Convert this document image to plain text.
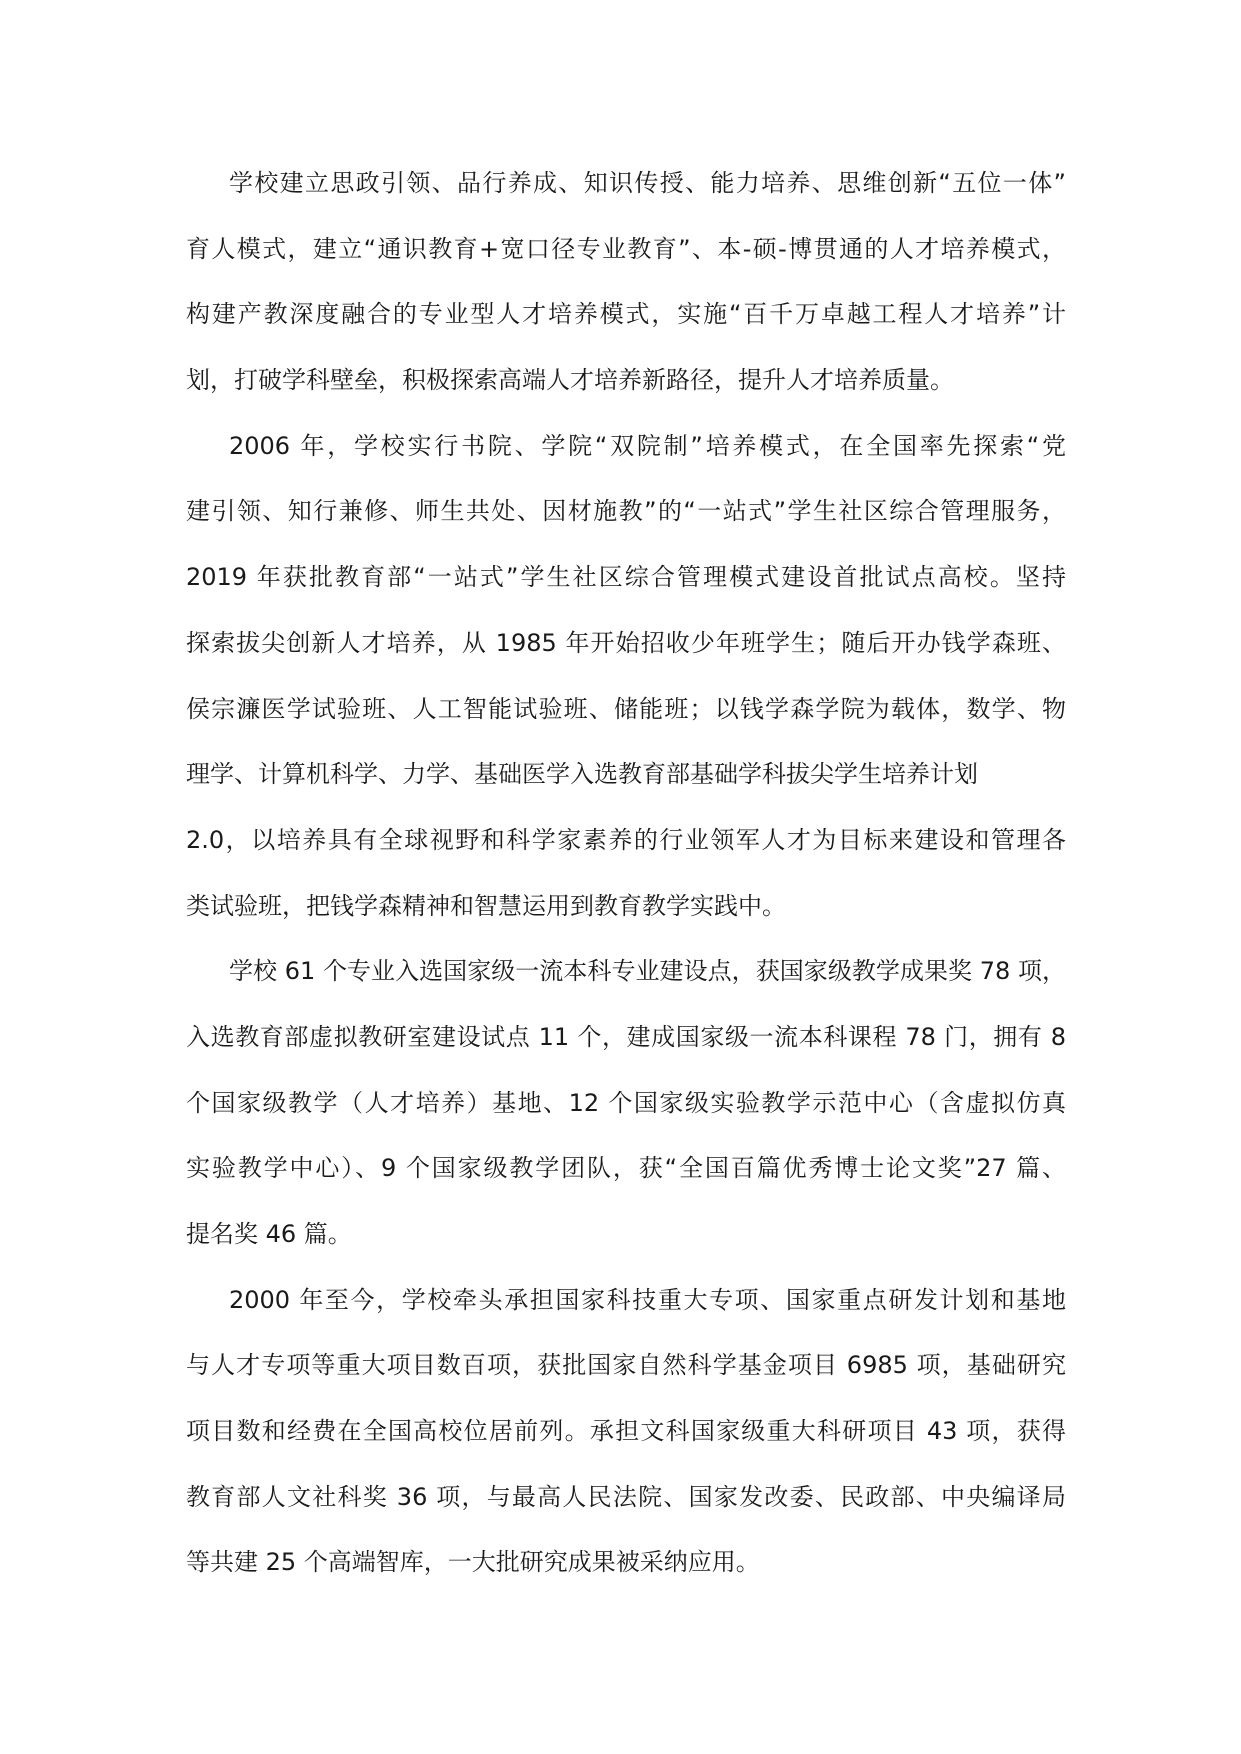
学校建立思政引领、品行养成、知识传授、能力培养、思维创新“五位一体”
育人模式，建立“通识教育+宽口径专业教育”、本-硕-博贯通的人才培养模式，
构建产教深度融合的专业型人才培养模式，实施“百千万卓越工程人才培养”计
划，打破学科壁垒，积极探索高端人才培养新路径，提升人才培养质量。
2006 年，学校实行书院、学院“双院制”培养模式，在全国率先探索“党
建引领、知行兼修、师生共处、因材施教”的“一站式”学生社区综合管理服务，
2019 年获批教育部“一站式”学生社区综合管理模式建设首批试点高校。坚持
探索拔尖创新人才培养，从 1985 年开始招收少年班学生；随后开办钱学森班、
侯宗濂医学试验班、人工智能试验班、储能班；以钱学森学院为载体，数学、物
理学、计算机科学、力学、基础医学入选教育部基础学科拔尖学生培养计划
2.0，以培养具有全球视野和科学家素养的行业领军人才为目标来建设和管理各
类试验班，把钱学森精神和智慧运用到教育教学实践中。
学校 61 个专业入选国家级一流本科专业建设点，获国家级教学成果奖 78 项，
入选教育部虚拟教研室建设试点 11 个，建成国家级一流本科课程 78 门，拥有 8
个国家级教学（人才培养）基地、12 个国家级实验教学示范中心（含虚拟仿真
实验教学中心）、9 个国家级教学团队，获“全国百篇优秀博士论文奖”27 篇、
提名奖 46 篇。
2000 年至今，学校牵头承担国家科技重大专项、国家重点研发计划和基地
与人才专项等重大项目数百项，获批国家自然科学基金项目 6985 项，基础研究
项目数和经费在全国高校位居前列。承担文科国家级重大科研项目 43 项，获得
教育部人文社科奖 36 项，与最高人民法院、国家发改委、民政部、中央编译局
等共建 25 个高端智库，一大批研究成果被采纳应用。
